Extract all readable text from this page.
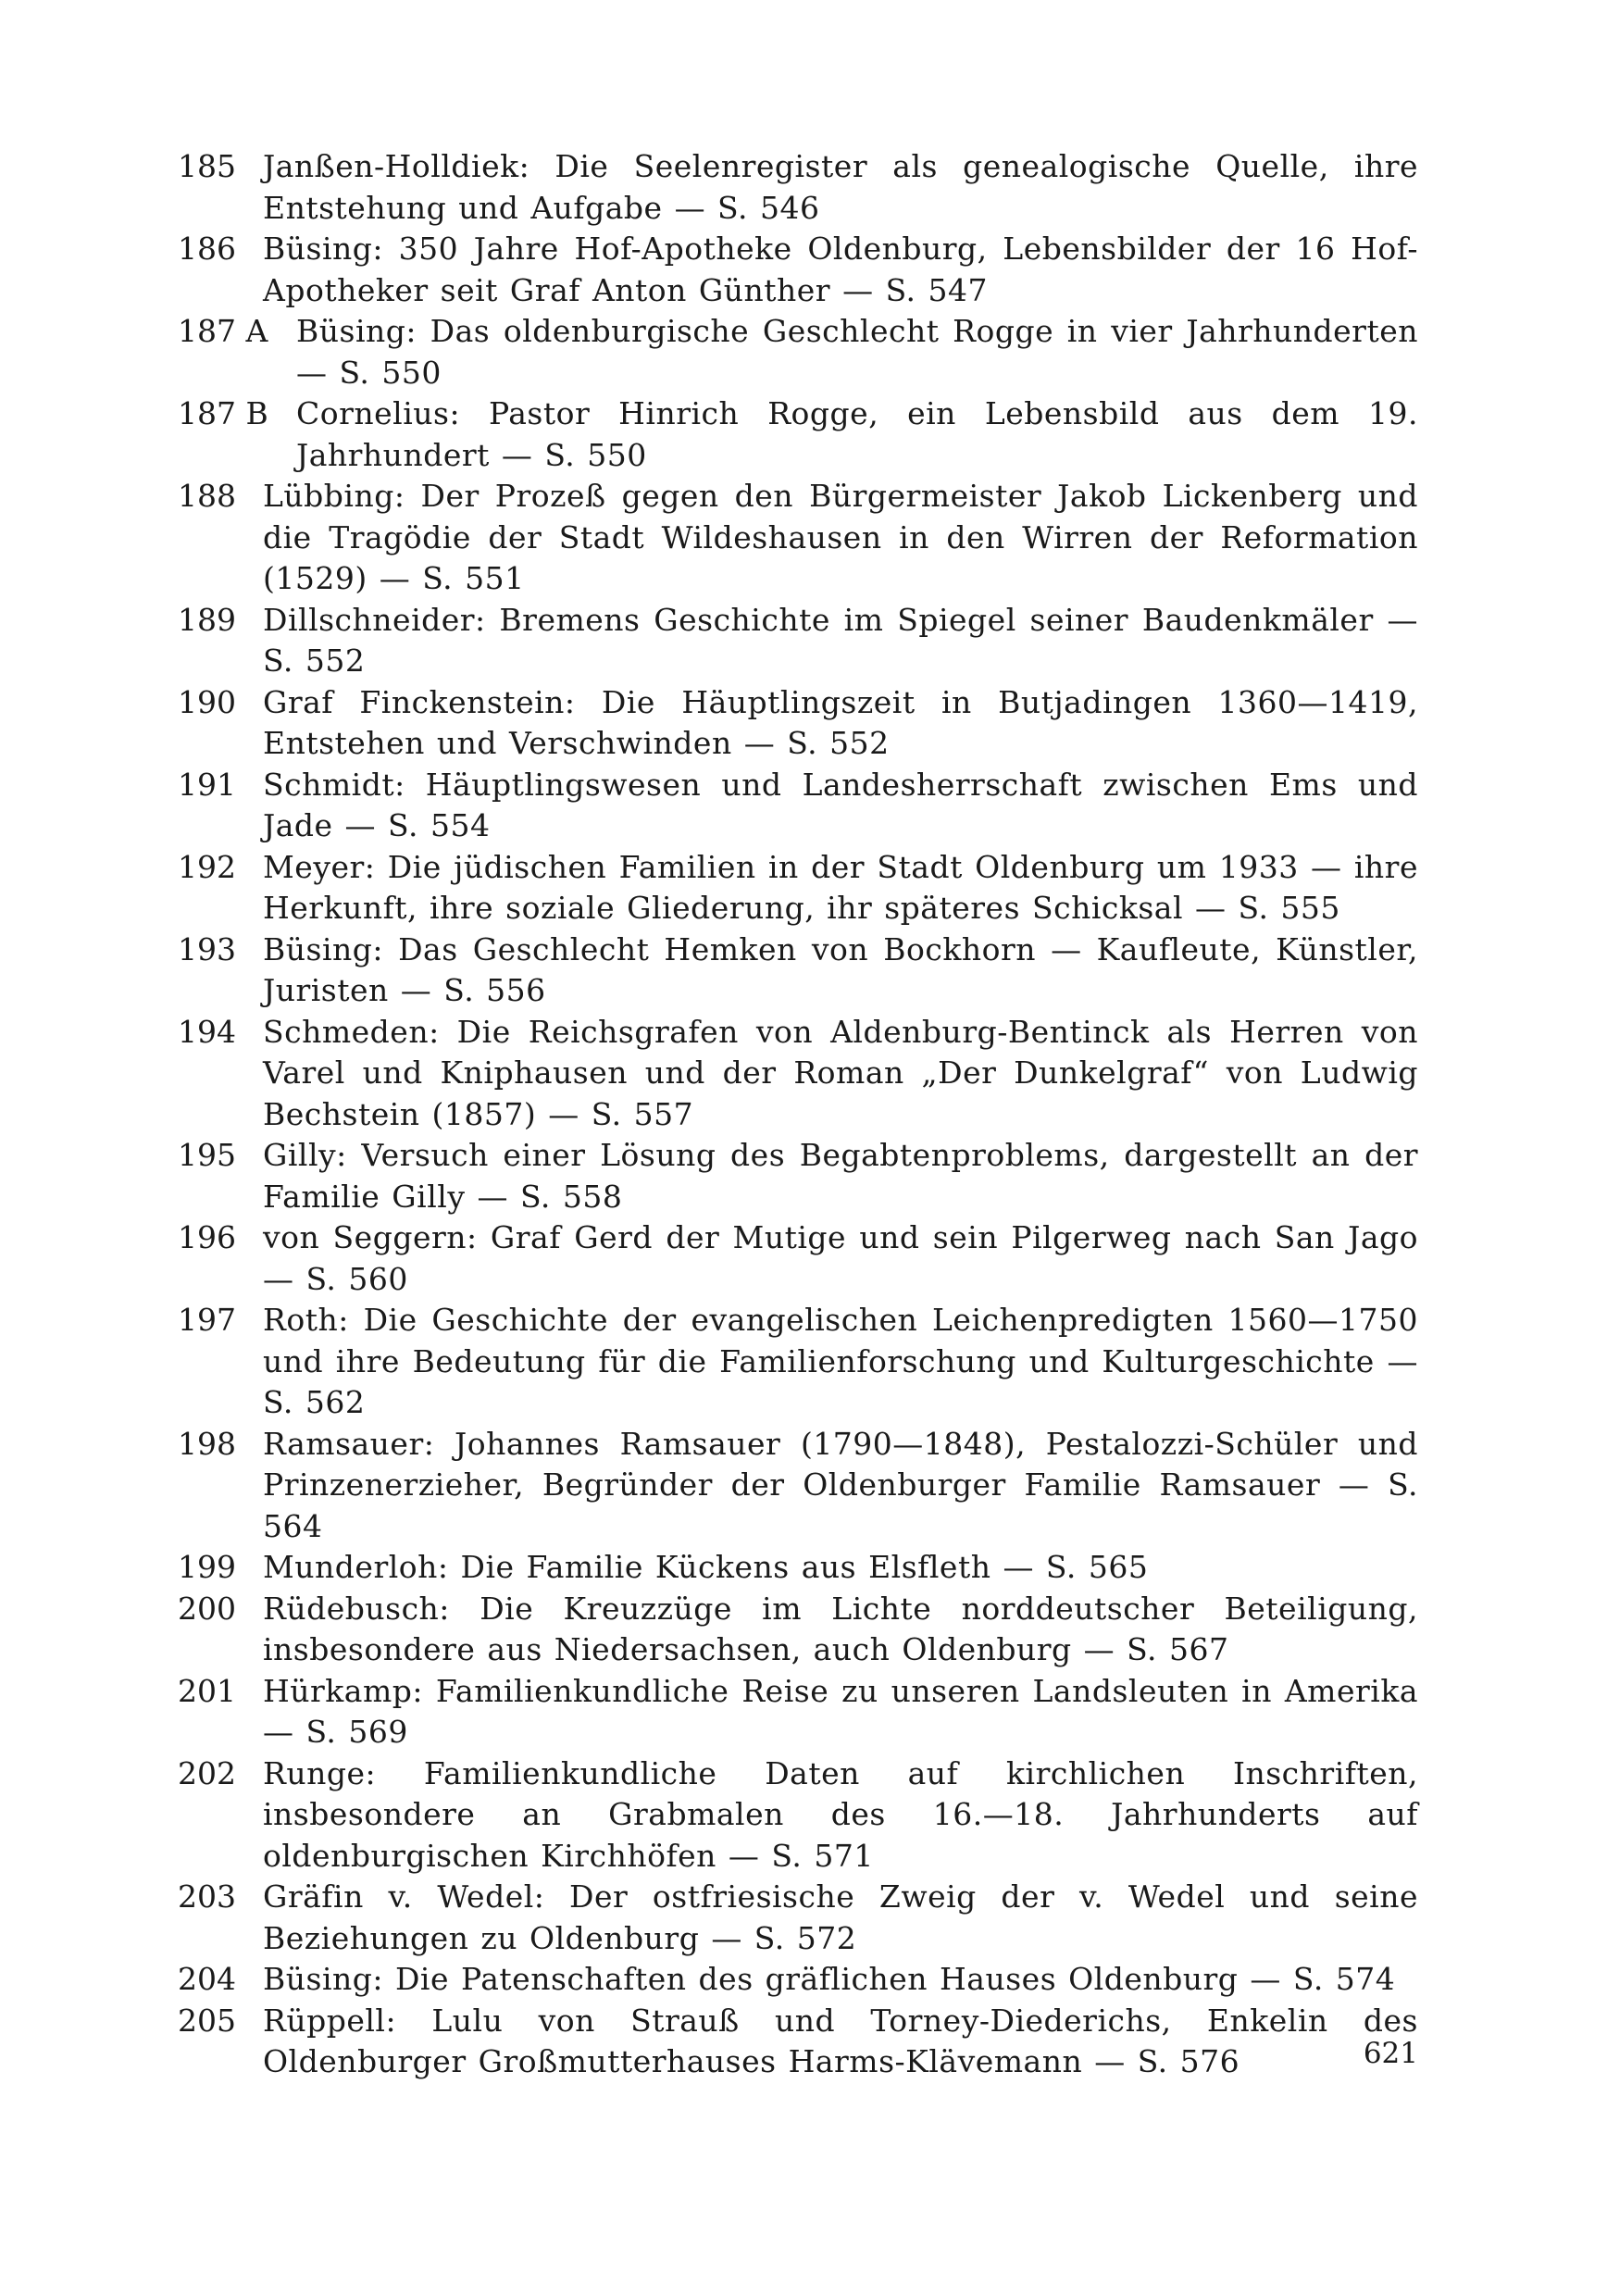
185 Janßen-Holldiek: Die Seelenregister als genealogische Quelle, ihre Entstehung und Aufgabe — S. 546
186 Büsing: 350 Jahre Hof-Apotheke Oldenburg, Lebensbilder der 16 Hof-Apotheker seit Graf Anton Günther — S. 547
187 A Büsing: Das oldenburgische Geschlecht Rogge in vier Jahrhunderten — S. 550
187 B Cornelius: Pastor Hinrich Rogge, ein Lebensbild aus dem 19. Jahrhundert — S. 550
188 Lübbing: Der Prozeß gegen den Bürgermeister Jakob Lickenberg und die Tragödie der Stadt Wildeshausen in den Wirren der Reformation (1529) — S. 551
189 Dillschneider: Bremens Geschichte im Spiegel seiner Baudenkmäler — S. 552
190 Graf Finckenstein: Die Häuptlingszeit in Butjadingen 1360—1419, Entstehen und Verschwinden — S. 552
191 Schmidt: Häuptlingswesen und Landesherrschaft zwischen Ems und Jade — S. 554
192 Meyer: Die jüdischen Familien in der Stadt Oldenburg um 1933 — ihre Herkunft, ihre soziale Gliederung, ihr späteres Schicksal — S. 555
193 Büsing: Das Geschlecht Hemken von Bockhorn — Kaufleute, Künstler, Juristen — S. 556
194 Schmeden: Die Reichsgrafen von Aldenburg-Bentinck als Herren von Varel und Kniphausen und der Roman „Der Dunkelgraf“ von Ludwig Bechstein (1857) — S. 557
195 Gilly: Versuch einer Lösung des Begabtenproblems, dargestellt an der Familie Gilly — S. 558
196 von Seggern: Graf Gerd der Mutige und sein Pilgerweg nach San Jago — S. 560
197 Roth: Die Geschichte der evangelischen Leichenpredigten 1560—1750 und ihre Bedeutung für die Familienforschung und Kulturgeschichte — S. 562
198 Ramsauer: Johannes Ramsauer (1790—1848), Pestalozzi-Schüler und Prinzenerzieher, Begründer der Oldenburger Familie Ramsauer — S. 564
199 Munderloh: Die Familie Kückens aus Elsfleth — S. 565
200 Rüdebusch: Die Kreuzzüge im Lichte norddeutscher Beteiligung, insbesondere aus Niedersachsen, auch Oldenburg — S. 567
201 Hürkamp: Familienkundliche Reise zu unseren Landsleuten in Amerika — S. 569
202 Runge: Familienkundliche Daten auf kirchlichen Inschriften, insbesondere an Grabmalen des 16.—18. Jahrhunderts auf oldenburgischen Kirchhöfen — S. 571
203 Gräfin v. Wedel: Der ostfriesische Zweig der v. Wedel und seine Beziehungen zu Oldenburg — S. 572
204 Büsing: Die Patenschaften des gräflichen Hauses Oldenburg — S. 574
205 Rüppell: Lulu von Strauß und Torney-Diederichs, Enkelin des Oldenburger Großmutterhauses Harms-Klävemann — S. 576	621
